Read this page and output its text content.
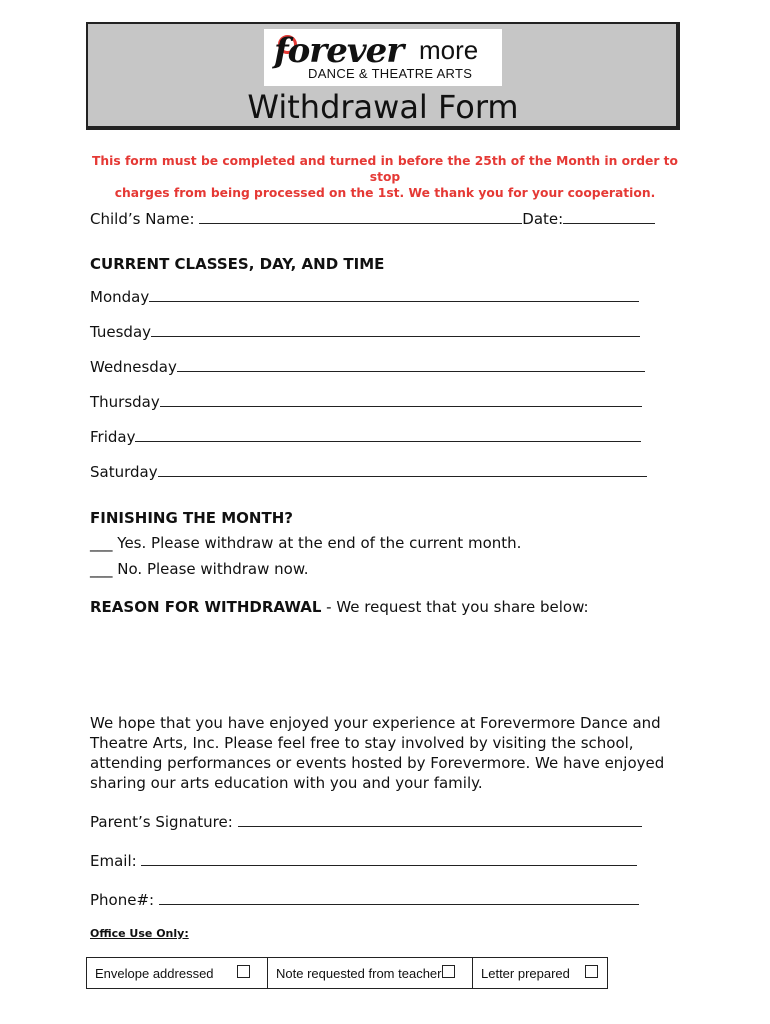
forever more
DANCE & THEATRE ARTS
Withdrawal Form
This form must be completed and turned in before the 25th of the Month in order to stop
charges from being processed on the 1st. We thank you for your cooperation.
Child’s Name:	Date:
CURRENT CLASSES, DAY, AND TIME
Monday
Tuesday
Wednesday
Thursday
Friday
Saturday
FINISHING THE MONTH?
___ Yes. Please withdraw at the end of the current month.
___ No. Please withdraw now.
REASON FOR WITHDRAWAL - We request that you share below:
We hope that you have enjoyed your experience at Forevermore Dance and Theatre Arts, Inc. Please feel free to stay involved by visiting the school, attending performances or events hosted by Forevermore. We have enjoyed sharing our arts education with you and your family.
Parent’s Signature:
Email:
Phone#:
Office Use Only:
Envelope addressed	Note requested from teacher	Letter prepared
